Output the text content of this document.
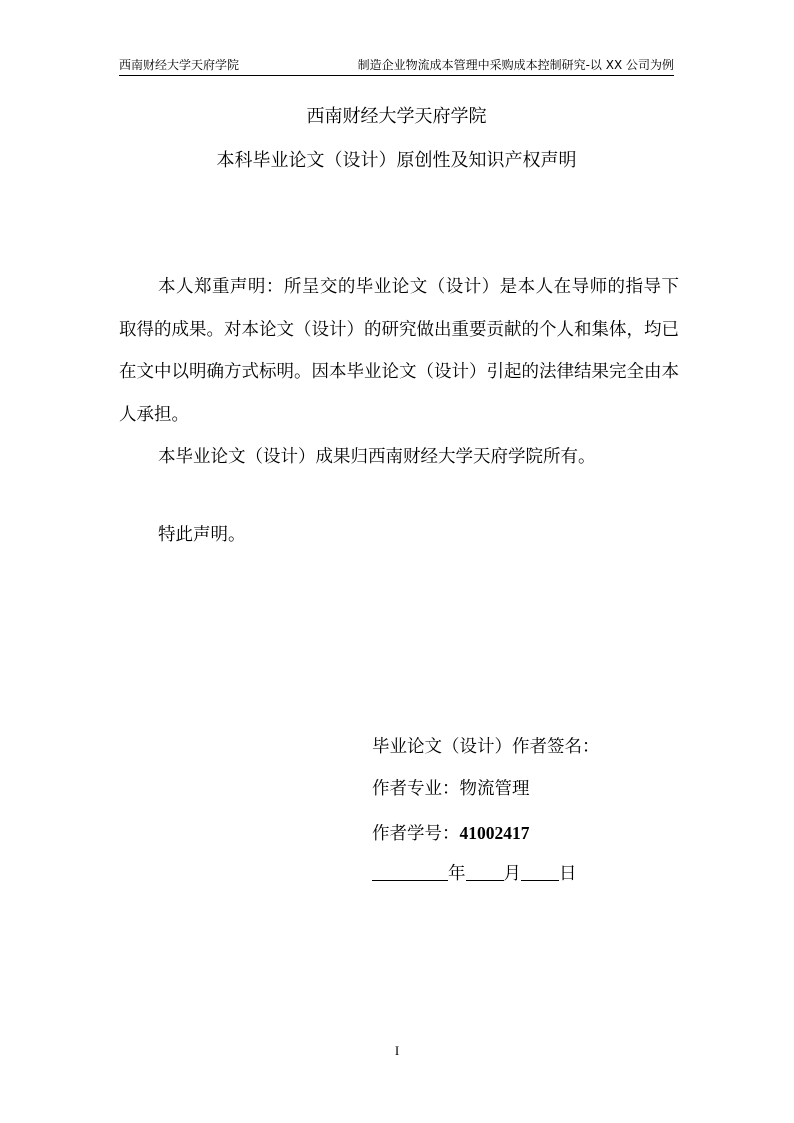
西南财经大学天府学院	制造企业物流成本管理中采购成本控制研究-以 XX 公司为例
西南财经大学天府学院
本科毕业论文（设计）原创性及知识产权声明

本人郑重声明：所呈交的毕业论文（设计）是本人在导师的指导下取得的成果。对本论文（设计）的研究做出重要贡献的个人和集体，均已在文中以明确方式标明。因本毕业论文（设计）引起的法律结果完全由本人承担。

本毕业论文（设计）成果归西南财经大学天府学院所有。

特此声明。
毕业论文（设计）作者签名：
作者专业：物流管理
作者学号：41002417
年 月 日
I
